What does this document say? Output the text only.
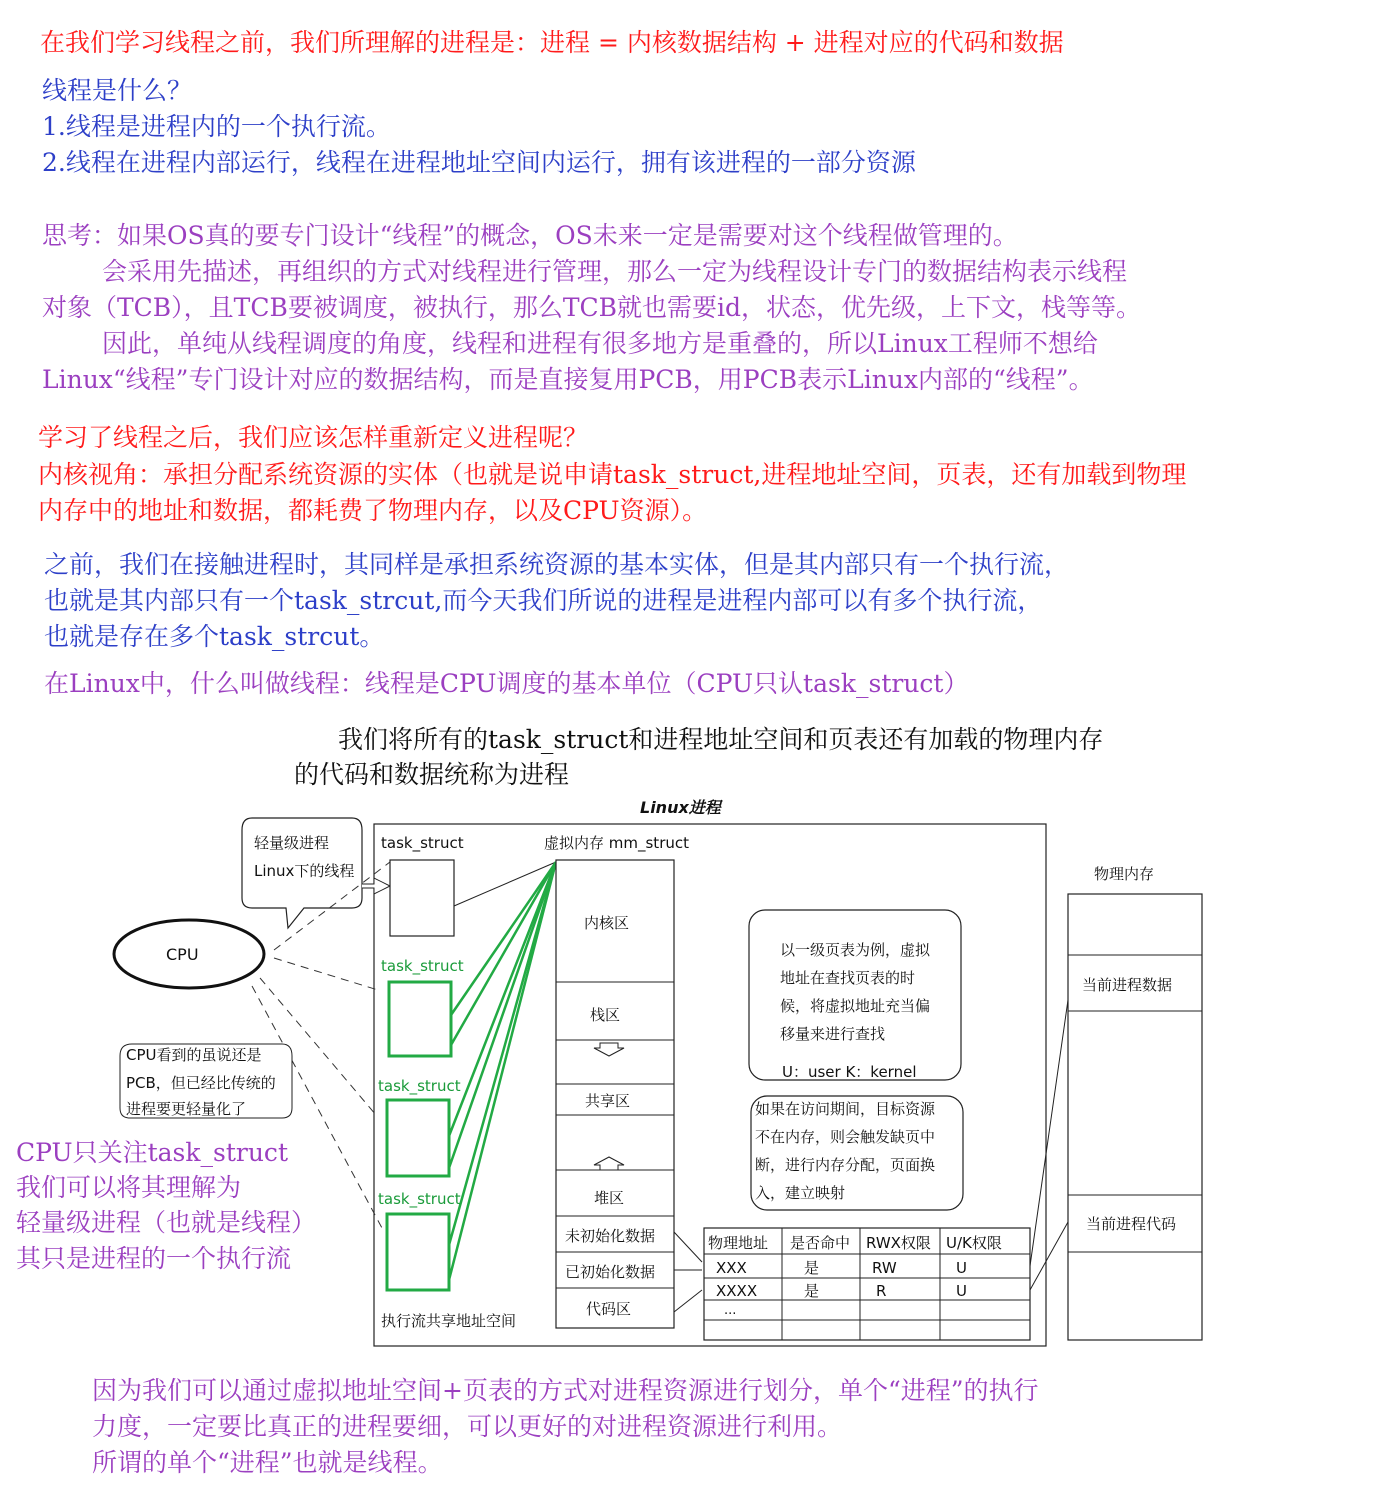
在我们学习线程之前，我们所理解的进程是：进程 = 内核数据结构 + 进程对应的代码和数据
线程是什么？
1.线程是进程内的一个执行流。
2.线程在进程内部运行，线程在进程地址空间内运行，拥有该进程的一部分资源
思考：如果OS真的要专门设计“线程”的概念，OS未来一定是需要对这个线程做管理的。
会采用先描述，再组织的方式对线程进行管理，那么一定为线程设计专门的数据结构表示线程
对象（TCB），且TCB要被调度，被执行，那么TCB就也需要id，状态，优先级，上下文，栈等等。
因此，单纯从线程调度的角度，线程和进程有很多地方是重叠的，所以Linux工程师不想给
Linux“线程”专门设计对应的数据结构，而是直接复用PCB，用PCB表示Linux内部的“线程”。
学习了线程之后，我们应该怎样重新定义进程呢？
内核视角：承担分配系统资源的实体（也就是说申请task_struct,进程地址空间，页表，还有加载到物理
内存中的地址和数据，都耗费了物理内存，以及CPU资源）。
之前，我们在接触进程时，其同样是承担系统资源的基本实体，但是其内部只有一个执行流，
也就是其内部只有一个task_strcut,而今天我们所说的进程是进程内部可以有多个执行流，
也就是存在多个task_strcut。
在Linux中，什么叫做线程：线程是CPU调度的基本单位（CPU只认task_struct）
我们将所有的task_struct和进程地址空间和页表还有加载的物理内存
的代码和数据统称为进程
Linux进程
轻量级进程
Linux下的线程
CPU
task_struct
task_struct
task_struct
task_struct
虚拟内存 mm_struct
内核区
栈区
共享区
堆区
未初始化数据
已初始化数据
代码区
执行流共享地址空间
以一级页表为例，虚拟
地址在查找页表的时
候，将虚拟地址充当偏
移量来进行查找
U：user K：kernel
如果在访问期间，目标资源
不在内存，则会触发缺页中
断，进行内存分配，页面换
入，建立映射
CPU看到的虽说还是
PCB，但已经比传统的
进程要更轻量化了
物理地址 是否命中 RWX权限 U/K权限
XXX	是	RW	U
XXXX	是	R	U
...
物理内存
当前进程数据
当前进程代码
CPU只关注task_struct
我们可以将其理解为
轻量级进程（也就是线程）
其只是进程的一个执行流
因为我们可以通过虚拟地址空间+页表的方式对进程资源进行划分，单个“进程”的执行
力度，一定要比真正的进程要细，可以更好的对进程资源进行利用。
所谓的单个“进程”也就是线程。
